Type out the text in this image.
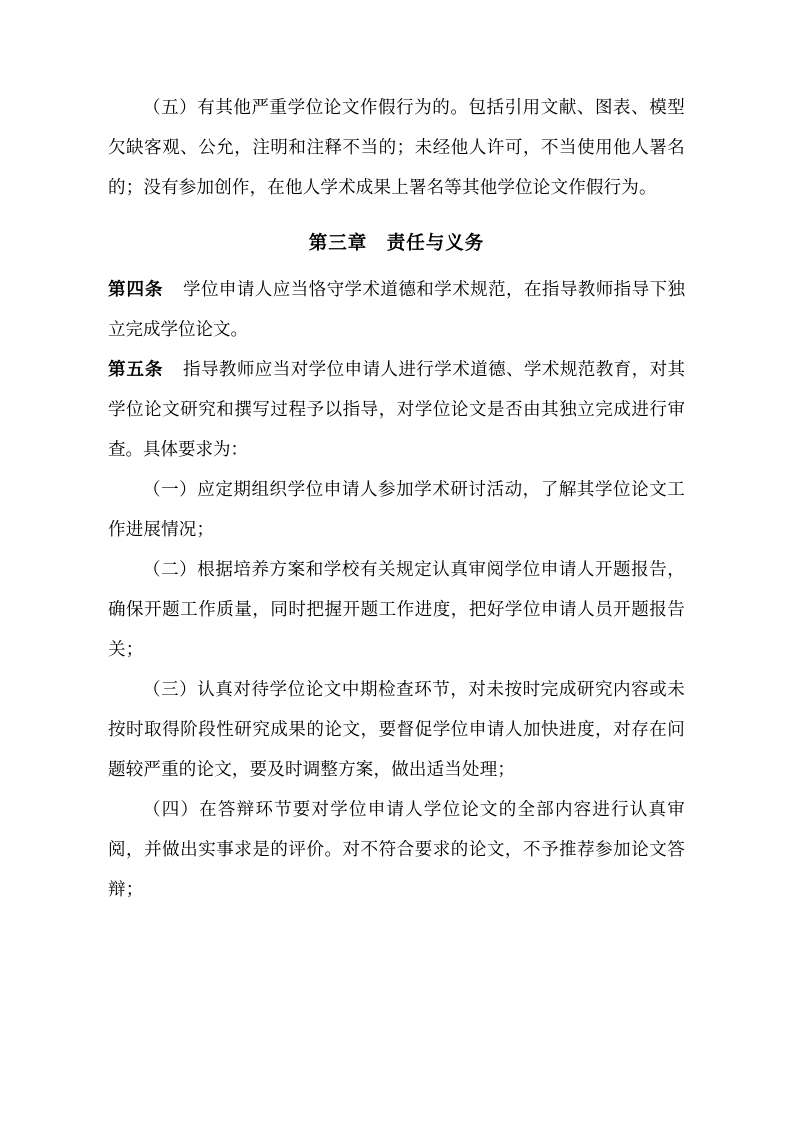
（五）有其他严重学位论文作假行为的。包括引用文献、图表、模型欠缺客观、公允，注明和注释不当的；未经他人许可，不当使用他人署名的；没有参加创作，在他人学术成果上署名等其他学位论文作假行为。

第三章　责任与义务

第四条 学位申请人应当恪守学术道德和学术规范，在指导教师指导下独立完成学位论文。

第五条 指导教师应当对学位申请人进行学术道德、学术规范教育，对其学位论文研究和撰写过程予以指导，对学位论文是否由其独立完成进行审查。具体要求为：

（一）应定期组织学位申请人参加学术研讨活动，了解其学位论文工作进展情况；

（二）根据培养方案和学校有关规定认真审阅学位申请人开题报告，确保开题工作质量，同时把握开题工作进度，把好学位申请人员开题报告关；

（三）认真对待学位论文中期检查环节，对未按时完成研究内容或未按时取得阶段性研究成果的论文，要督促学位申请人加快进度，对存在问题较严重的论文，要及时调整方案，做出适当处理；

（四）在答辩环节要对学位申请人学位论文的全部内容进行认真审阅，并做出实事求是的评价。对不符合要求的论文，不予推荐参加论文答辩；
